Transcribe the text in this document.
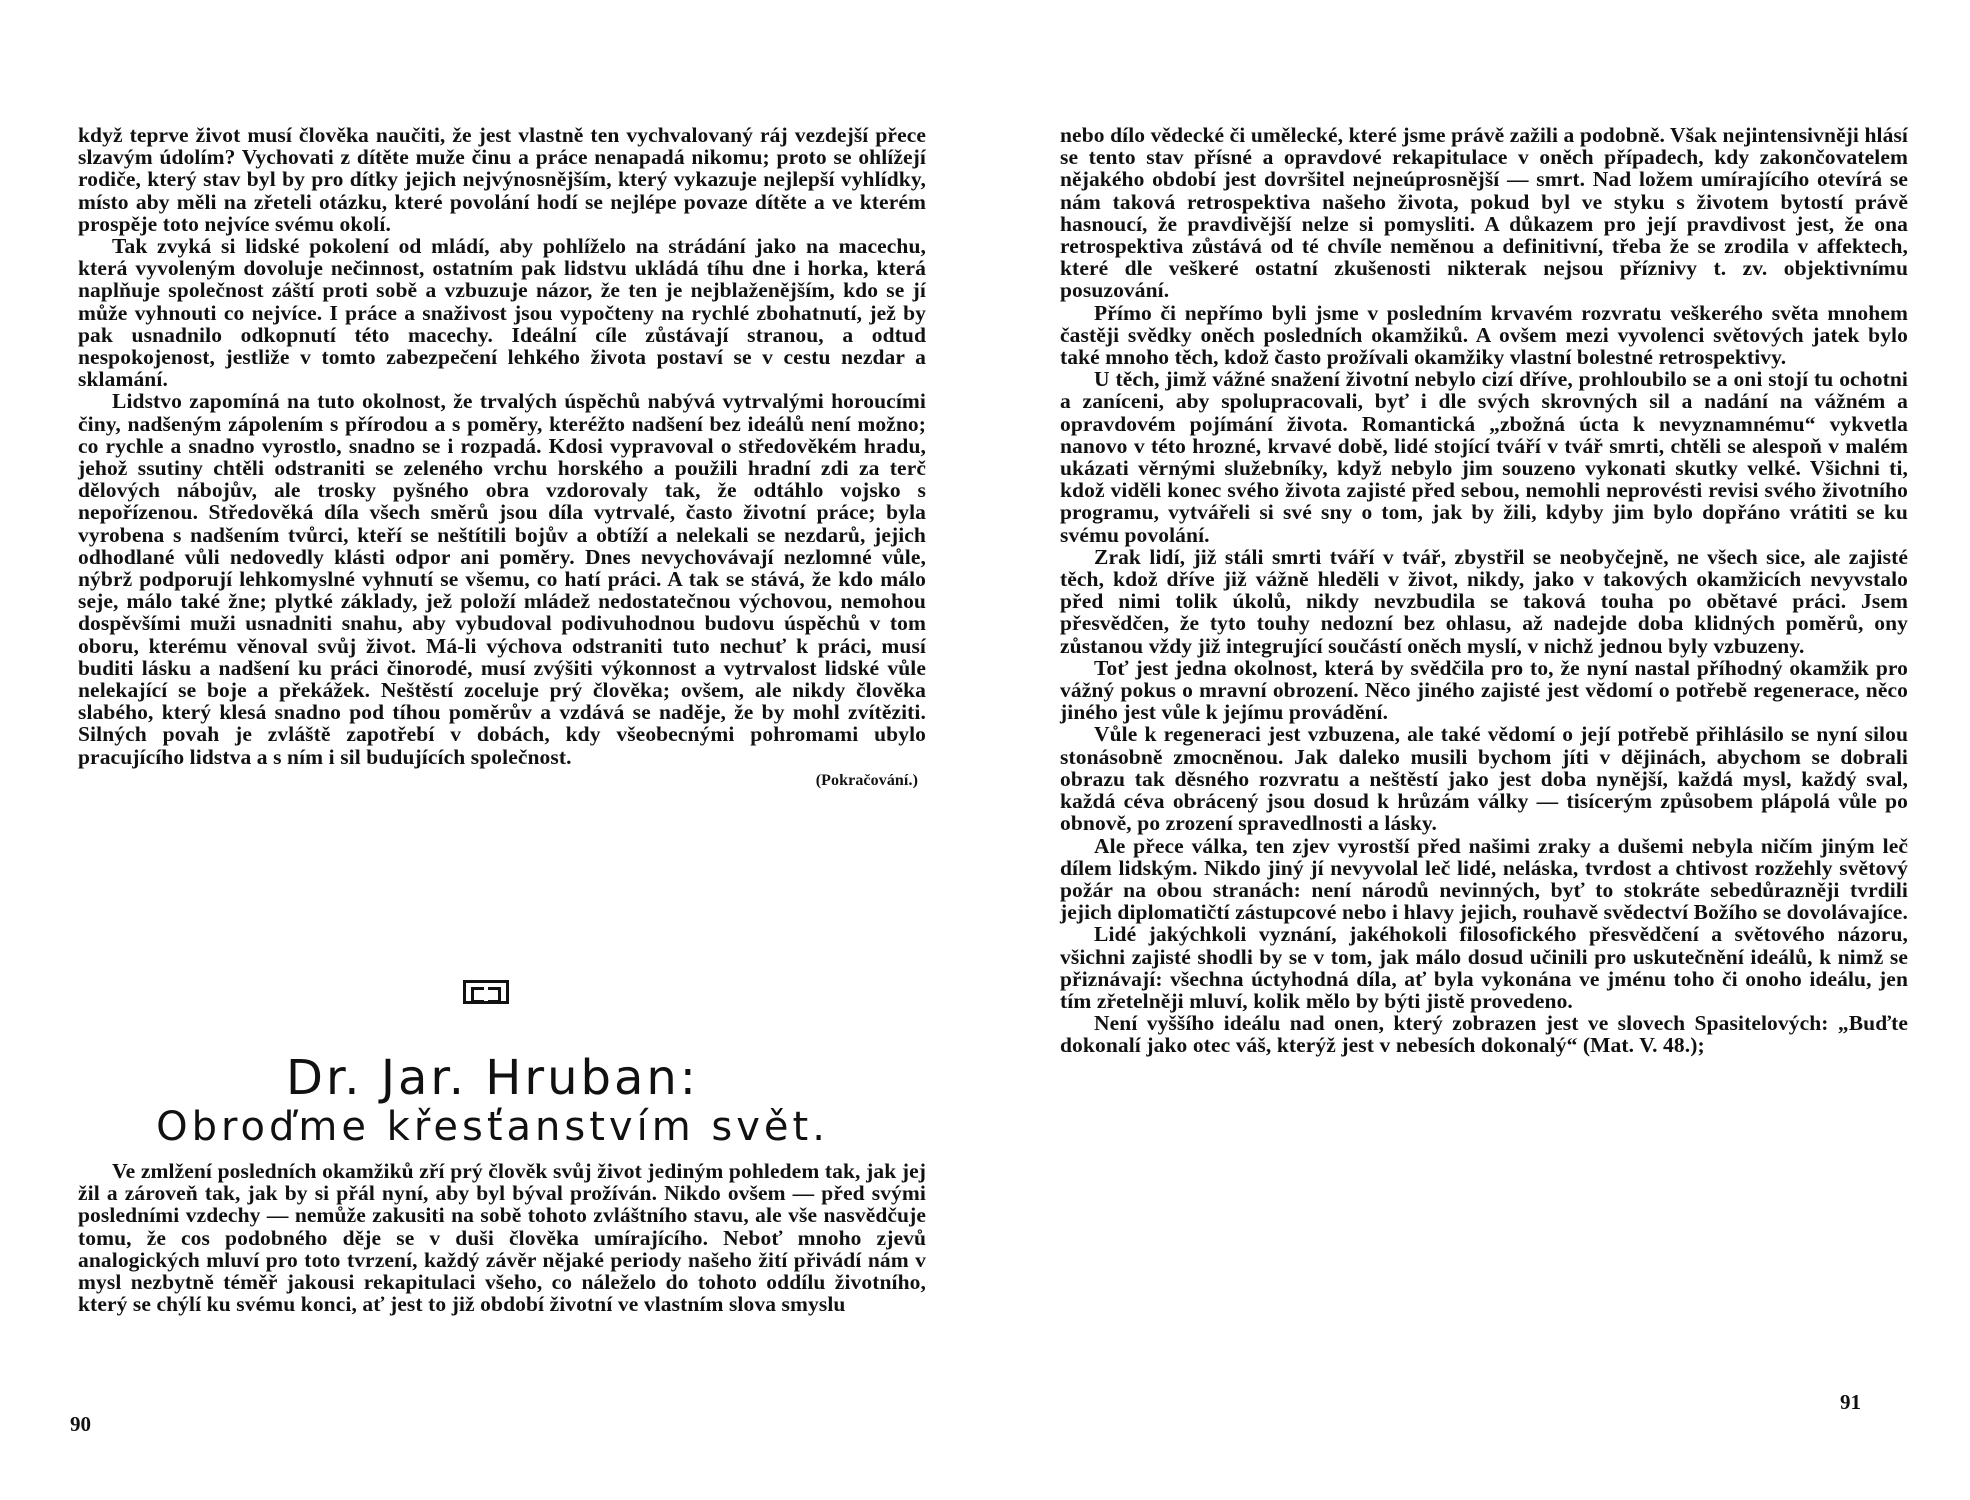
když teprve život musí člověka naučiti, že jest vlastně ten vychvalovaný ráj vezdejší přece slzavým údolím? Vychovati z dítěte muže činu a práce nenapadá nikomu; proto se ohlížejí rodiče, který stav byl by pro dítky jejich nejvýnosnějším, který vykazuje nejlepší vyhlídky, místo aby měli na zřeteli otázku, které povolání hodí se nejlépe povaze dítěte a ve kterém prospěje toto nejvíce svému okolí.

Tak zvyká si lidské pokolení od mládí, aby pohlíželo na strádání jako na macechu, která vyvoleným dovoluje nečinnost, ostatním pak lidstvu ukládá tíhu dne i horka, která naplňuje společnost záští proti sobě a vzbuzuje názor, že ten je nejblaženějším, kdo se jí může vyhnouti co nejvíce. I práce a snaživost jsou vypočteny na rychlé zbohatnutí, jež by pak usnadnilo odkopnutí této macechy. Ideální cíle zůstávají stranou, a odtud nespokojenost, jestliže v tomto zabezpečení lehkého života postaví se v cestu nezdar a sklamání.

Lidstvo zapomíná na tuto okolnost, že trvalých úspěchů nabývá vytrvalými horoucími činy, nadšeným zápolením s přírodou a s poměry, kteréžto nadšení bez ideálů není možno; co rychle a snadno vyrostlo, snadno se i rozpadá. Kdosi vypravoval o středověkém hradu, jehož ssutiny chtěli odstraniti se zeleného vrchu horského a použili hradní zdi za terč dělových nábojův, ale trosky pyšného obra vzdorovaly tak, že odtáhlo vojsko s nepořízenou. Středověká díla všech směrů jsou díla vytrvalé, často životní práce; byla vyrobena s nadšením tvůrci, kteří se neštítili bojův a obtíží a nelekali se nezdarů, jejich odhodlané vůli nedovedly klásti odpor ani poměry. Dnes nevychovávají nezlomné vůle, nýbrž podporují lehkomyslné vyhnutí se všemu, co hatí práci. A tak se stává, že kdo málo seje, málo také žne; plytké základy, jež položí mládež nedostatečnou výchovou, nemohou dospěvšími muži usnadniti snahu, aby vybudoval podivuhodnou budovu úspěchů v tom oboru, kterému věnoval svůj život. Má-li výchova odstraniti tuto nechuť k práci, musí buditi lásku a nadšení ku práci činorodé, musí zvýšiti výkonnost a vytrvalost lidské vůle nelekající se boje a překážek. Neštěstí zoceluje prý člověka; ovšem, ale nikdy člověka slabého, který klesá snadno pod tíhou poměrův a vzdává se naděje, že by mohl zvítěziti. Silných povah je zvláště zapotřebí v dobách, kdy všeobecnými pohromami ubylo pracujícího lidstva a s ním i sil budujících společnost.

(Pokračování.)
Dr. Jar. Hruban:
Obroďme křesťanstvím svět.

Ve zmlžení posledních okamžiků zří prý člověk svůj život jediným pohledem tak, jak jej žil a zároveň tak, jak by si přál nyní, aby byl býval prožíván. Nikdo ovšem — před svými posledními vzdechy — nemůže zakusiti na sobě tohoto zvláštního stavu, ale vše nasvědčuje tomu, že cos podobného děje se v duši člověka umírajícího. Neboť mnoho zjevů analogických mluví pro toto tvrzení, každý závěr nějaké periody našeho žití přivádí nám v mysl nezbytně téměř jakousi rekapitulaci všeho, co náleželo do tohoto oddílu životního, který se chýlí ku svému konci, ať jest to již období životní ve vlastním slova smyslu

90

nebo dílo vědecké či umělecké, které jsme právě zažili a podobně. Však nejintensivněji hlásí se tento stav přísné a opravdové rekapitulace v oněch případech, kdy zakončovatelem nějakého období jest dovršitel nejneúprosnější — smrt. Nad ložem umírajícího otevírá se nám taková retrospektiva našeho života, pokud byl ve styku s životem bytostí právě hasnoucí, že pravdivější nelze si pomysliti. A důkazem pro její pravdivost jest, že ona retrospektiva zůstává od té chvíle neměnou a definitivní, třeba že se zrodila v affektech, které dle veškeré ostatní zkušenosti nikterak nejsou příznivy t. zv. objektivnímu posuzování.

Přímo či nepřímo byli jsme v posledním krvavém rozvratu veškerého světa mnohem častěji svědky oněch posledních okamžiků. A ovšem mezi vyvolenci světových jatek bylo také mnoho těch, kdož často prožívali okamžiky vlastní bolestné retrospektivy.

U těch, jimž vážné snažení životní nebylo cizí dříve, prohloubilo se a oni stojí tu ochotni a zaníceni, aby spolupracovali, byť i dle svých skrovných sil a nadání na vážném a opravdovém pojímání života. Romantická „zbožná úcta k nevyznamnému“ vykvetla nanovo v této hrozné, krvavé době, lidé stojící tváří v tvář smrti, chtěli se alespoň v malém ukázati věrnými služebníky, když nebylo jim souzeno vykonati skutky velké. Všichni ti, kdož viděli konec svého života zajisté před sebou, nemohli neprovésti revisi svého životního programu, vytvářeli si své sny o tom, jak by žili, kdyby jim bylo dopřáno vrátiti se ku svému povolání.

Zrak lidí, již stáli smrti tváří v tvář, zbystřil se neobyčejně, ne všech sice, ale zajisté těch, kdož dříve již vážně hleděli v život, nikdy, jako v takových okamžicích nevyvstalo před nimi tolik úkolů, nikdy nevzbudila se taková touha po obětavé práci. Jsem přesvědčen, že tyto touhy nedozní bez ohlasu, až nadejde doba klidných poměrů, ony zůstanou vždy již integrující součástí oněch myslí, v nichž jednou byly vzbuzeny.

Toť jest jedna okolnost, která by svědčila pro to, že nyní nastal příhodný okamžik pro vážný pokus o mravní obrození. Něco jiného zajisté jest vědomí o potřebě regenerace, něco jiného jest vůle k jejímu provádění.

Vůle k regeneraci jest vzbuzena, ale také vědomí o její potřebě přihlásilo se nyní silou stonásobně zmocněnou. Jak daleko musili bychom jíti v dějinách, abychom se dobrali obrazu tak děsného rozvratu a neštěstí jako jest doba nynější, každá mysl, každý sval, každá céva obrácený jsou dosud k hrůzám války — tisícerým způsobem plápolá vůle po obnově, po zrození spravedlnosti a lásky.

Ale přece válka, ten zjev vyrostší před našimi zraky a dušemi nebyla ničím jiným leč dílem lidským. Nikdo jiný jí nevyvolal leč lidé, neláska, tvrdost a chtivost rozžehly světový požár na obou stranách: není národů nevinných, byť to stokráte sebedůrazněji tvrdili jejich diplomatičtí zástupcové nebo i hlavy jejich, rouhavě svědectví Božího se dovolávajíce.

Lidé jakýchkoli vyznání, jakéhokoli filosofického přesvědčení a světového názoru, všichni zajisté shodli by se v tom, jak málo dosud učinili pro uskutečnění ideálů, k nimž se přiznávají: všechna úctyhodná díla, ať byla vykonána ve jménu toho či onoho ideálu, jen tím zřetelněji mluví, kolik mělo by býti jistě provedeno.

Není vyššího ideálu nad onen, který zobrazen jest ve slovech Spasitelových: „Buďte dokonalí jako otec váš, kterýž jest v nebesích dokonalý“ (Mat. V. 48.);

91
